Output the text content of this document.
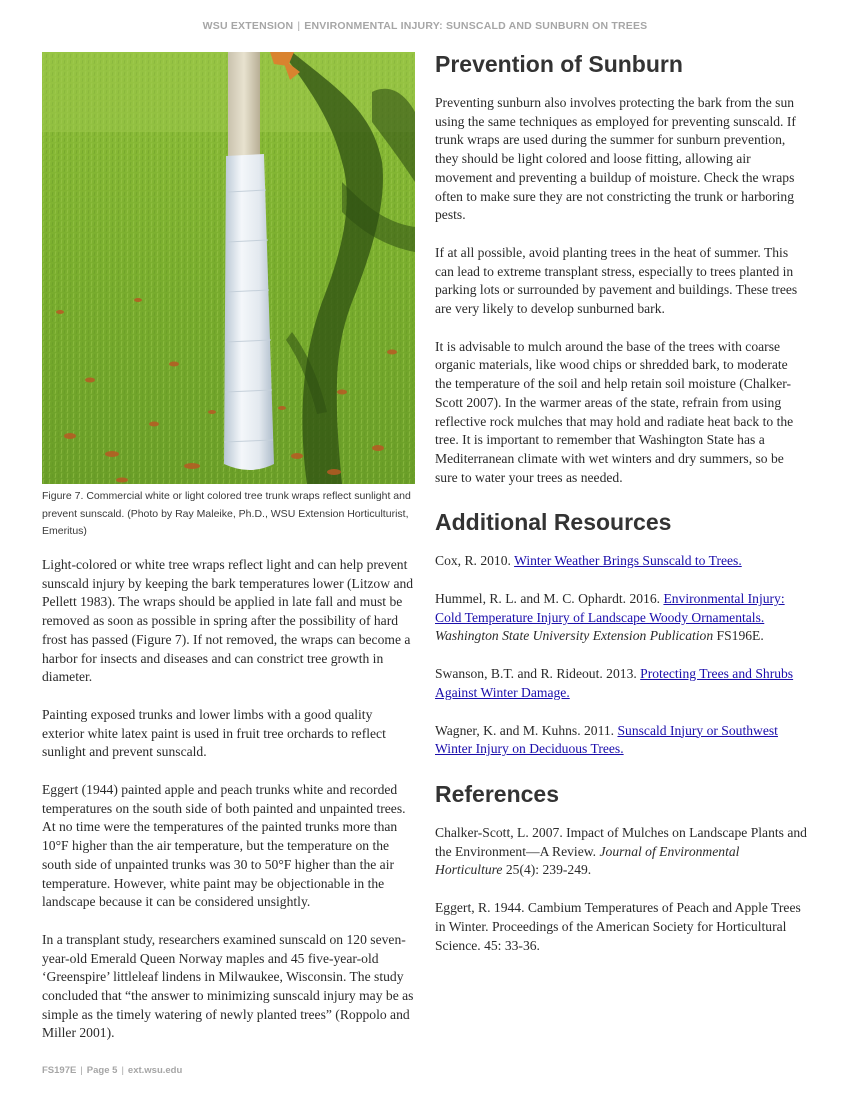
WSU EXTENSION | ENVIRONMENTAL INJURY: SUNSCALD AND SUNBURN ON TREES
Figure 7. Commercial white or light colored tree trunk wraps reflect sunlight and prevent sunscald. (Photo by Ray Maleike, Ph.D., WSU Extension Horticulturist, Emeritus)

Light-colored or white tree wraps reflect light and can help prevent sunscald injury by keeping the bark temperatures lower (Litzow and Pellett 1983). The wraps should be applied in late fall and must be removed as soon as possible in spring after the possibility of hard frost has passed (Figure 7). If not removed, the wraps can become a harbor for insects and diseases and can constrict tree growth in diameter.

Painting exposed trunks and lower limbs with a good quality exterior white latex paint is used in fruit tree orchards to reflect sunlight and prevent sunscald.

Eggert (1944) painted apple and peach trunks white and recorded temperatures on the south side of both painted and unpainted trees. At no time were the temperatures of the painted trunks more than 10°F higher than the air temperature, but the temperature on the south side of unpainted trunks was 30 to 50°F higher than the air temperature. However, white paint may be objectionable in the landscape because it can be considered unsightly.

In a transplant study, researchers examined sunscald on 120 seven-year-old Emerald Queen Norway maples and 45 five-year-old ‘Greenspire’ littleleaf lindens in Milwaukee, Wisconsin. The study concluded that “the answer to minimizing sunscald injury may be as simple as the timely watering of newly planted trees” (Roppolo and Miller 2001).

Prevention of Sunburn

Preventing sunburn also involves protecting the bark from the sun using the same techniques as employed for preventing sunscald. If trunk wraps are used during the summer for sunburn prevention, they should be light colored and loose fitting, allowing air movement and preventing a buildup of moisture. Check the wraps often to make sure they are not constricting the trunk or harboring pests.

If at all possible, avoid planting trees in the heat of summer. This can lead to extreme transplant stress, especially to trees planted in parking lots or surrounded by pavement and buildings. These trees are very likely to develop sunburned bark.

It is advisable to mulch around the base of the trees with coarse organic materials, like wood chips or shredded bark, to moderate the temperature of the soil and help retain soil moisture (Chalker-Scott 2007). In the warmer areas of the state, refrain from using reflective rock mulches that may hold and radiate heat back to the tree. It is important to remember that Washington State has a Mediterranean climate with wet winters and dry summers, so be sure to water your trees as needed.

Additional Resources

Cox, R. 2010. Winter Weather Brings Sunscald to Trees.

Hummel, R. L. and M. C. Ophardt. 2016. Environmental Injury: Cold Temperature Injury of Landscape Woody Ornamentals. Washington State University Extension Publication FS196E.

Swanson, B.T. and R. Rideout. 2013. Protecting Trees and Shrubs Against Winter Damage.

Wagner, K. and M. Kuhns. 2011. Sunscald Injury or Southwest Winter Injury on Deciduous Trees.

References

Chalker-Scott, L. 2007. Impact of Mulches on Landscape Plants and the Environment—A Review. Journal of Environmental Horticulture 25(4): 239-249.

Eggert, R. 1944. Cambium Temperatures of Peach and Apple Trees in Winter. Proceedings of the American Society for Horticultural Science. 45: 33-36.

FS197E | Page 5 | ext.wsu.edu
